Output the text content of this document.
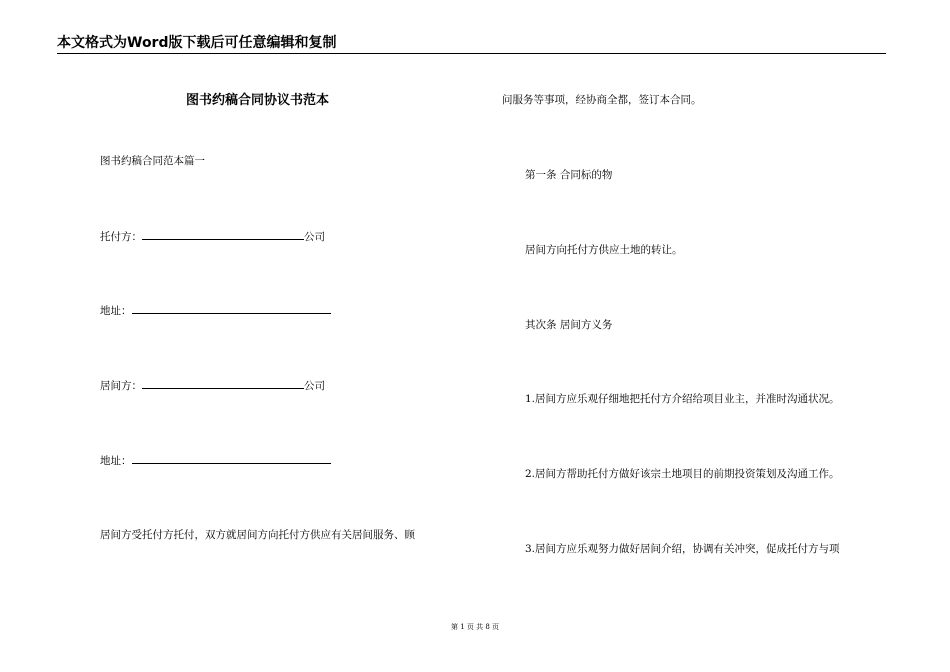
本文格式为Word版下载后可任意编辑和复制
图书约稿合同协议书范本
图书约稿合同范本篇一
托付方：	公司
地址：
居间方：	公司
地址：
居间方受托付方托付，双方就居间方向托付方供应有关居间服务、顾
问服务等事项，经协商全都，签订本合同。
第一条 合同标的物
居间方向托付方供应土地的转让。
其次条 居间方义务
1.居间方应乐观仔细地把托付方介绍给项目业主，并准时沟通状况。
2.居间方帮助托付方做好该宗土地项目的前期投资策划及沟通工作。
3.居间方应乐观努力做好居间介绍，协调有关冲突，促成托付方与项
第 1 页 共 8 页
